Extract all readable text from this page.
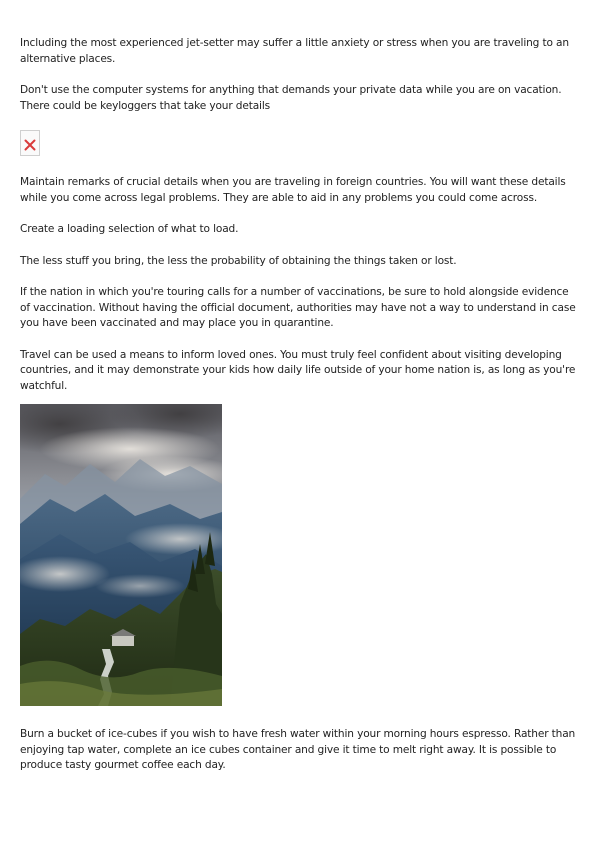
Including the most experienced jet-setter may suffer a little anxiety or stress when you are traveling to an alternative places.

Don't use the computer systems for anything that demands your private data while you are on vacation. There could be keyloggers that take your details

Maintain remarks of crucial details when you are traveling in foreign countries. You will want these details while you come across legal problems. They are able to aid in any problems you could come across.

Create a loading selection of what to load.

The less stuff you bring, the less the probability of obtaining the things taken or lost.

If the nation in which you're touring calls for a number of vaccinations, be sure to hold alongside evidence of vaccination. Without having the official document, authorities may have not a way to understand in case you have been vaccinated and may place you in quarantine.

Travel can be used a means to inform loved ones. You must truly feel confident about visiting developing countries, and it may demonstrate your kids how daily life outside of your home nation is, as long as you're watchful.

Burn a bucket of ice-cubes if you wish to have fresh water within your morning hours espresso. Rather than enjoying tap water, complete an ice cubes container and give it time to melt right away. It is possible to produce tasty gourmet coffee each day.
